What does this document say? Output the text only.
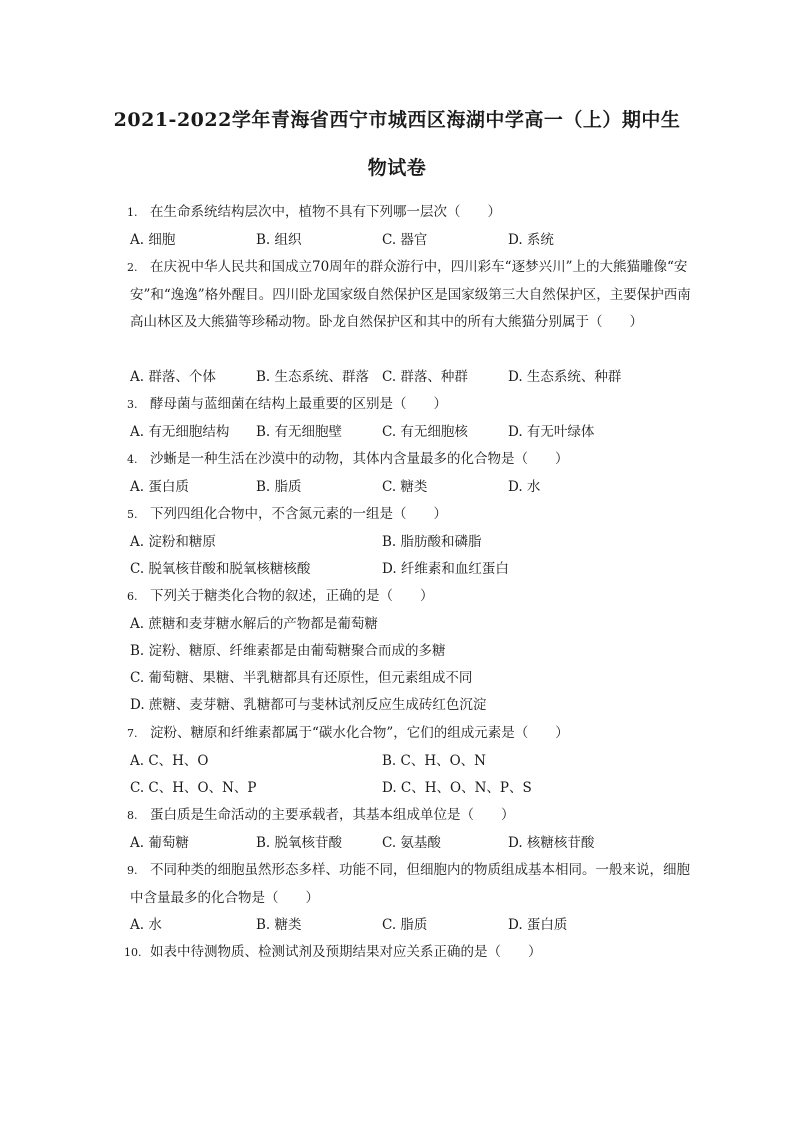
2021-2022学年青海省西宁市城西区海湖中学高一（上）期中生
物试卷
1. 在生命系统结构层次中，植物不具有下列哪一层次（　　）
A. 细胞	B. 组织	C. 器官	D. 系统
2. 在庆祝中华人民共和国成立70周年的群众游行中，四川彩车“逐梦兴川”上的大熊猫雕像“安安”和“逸逸”格外醒目。四川卧龙国家级自然保护区是国家级第三大自然保护区，主要保护西南高山林区及大熊猫等珍稀动物。卧龙自然保护区和其中的所有大熊猫分别属于（　　）
A. 群落、个体	B. 生态系统、群落 C. 群落、种群	D. 生态系统、种群
3. 酵母菌与蓝细菌在结构上最重要的区别是（　　）
A. 有无细胞结构 B. 有无细胞壁	C. 有无细胞核	D. 有无叶绿体
4. 沙蜥是一种生活在沙漠中的动物，其体内含量最多的化合物是（　　）
A. 蛋白质	B. 脂质	C. 糖类	D. 水
5. 下列四组化合物中，不含氮元素的一组是（　　）
A. 淀粉和糖原	B. 脂肪酸和磷脂
C. 脱氧核苷酸和脱氧核糖核酸	D. 纤维素和血红蛋白
6. 下列关于糖类化合物的叙述，正确的是（　　）
A. 蔗糖和麦芽糖水解后的产物都是葡萄糖
B. 淀粉、糖原、纤维素都是由葡萄糖聚合而成的多糖
C. 葡萄糖、果糖、半乳糖都具有还原性，但元素组成不同
D. 蔗糖、麦芽糖、乳糖都可与斐林试剂反应生成砖红色沉淀
7. 淀粉、糖原和纤维素都属于“碳水化合物”，它们的组成元素是（　　）
A. C、H、O	B. C、H、O、N
C. C、H、O、N、P	D. C、H、O、N、P、S
8. 蛋白质是生命活动的主要承载者，其基本组成单位是（　　）
A. 葡萄糖	B. 脱氧核苷酸	C. 氨基酸	D. 核糖核苷酸
9. 不同种类的细胞虽然形态多样、功能不同，但细胞内的物质组成基本相同。一般来说，细胞中含量最多的化合物是（　　）
A. 水	B. 糖类	C. 脂质	D. 蛋白质
10. 如表中待测物质、检测试剂及预期结果对应关系正确的是（　　）
